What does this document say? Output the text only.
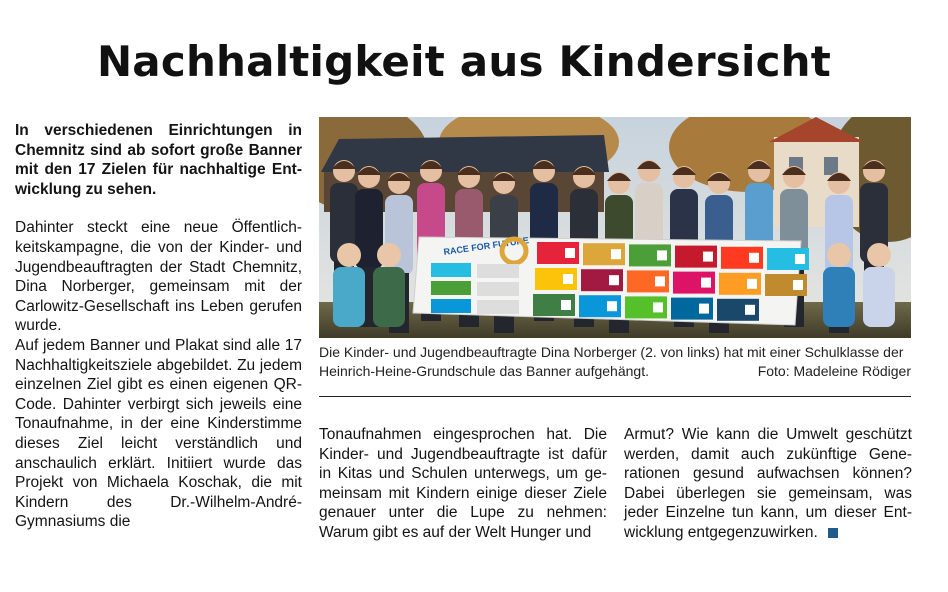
Nachhaltigkeit aus Kindersicht

In verschiedenen Einrichtungen in Chemnitz sind ab sofort große Banner mit den 17 Zielen für nachhaltige Entwicklung zu sehen.

Dahinter steckt eine neue Öffentlichkeitskampagne, die von der Kinder- und Jugendbeauftragten der Stadt Chemnitz, Dina Norberger, gemeinsam mit der Carlowitz-Gesellschaft ins Leben gerufen wurde.

Auf jedem Banner und Plakat sind alle 17 Nachhaltigkeitsziele abgebildet. Zu jedem einzelnen Ziel gibt es einen eigenen QR-Code. Dahinter verbirgt sich jeweils eine Tonaufnahme, in der eine Kinderstimme dieses Ziel leicht verständlich und anschaulich erklärt. Initiiert wurde das Projekt von Michaela Koschak, die mit Kindern des Dr.-Wilhelm-André-Gymnasiums die

RACE FOR FUTURE
Die Kinder- und Jugendbeauftragte Dina Norberger (2. von links) hat mit einer Schulklasse der Heinrich-Heine-Grundschule das Banner aufgehängt.	Foto: Madeleine Rödiger

Tonaufnahmen eingesprochen hat. Die Kinder- und Jugendbeauftragte ist dafür in Kitas und Schulen unterwegs, um gemeinsam mit Kindern einige dieser Ziele genauer unter die Lupe zu nehmen: Warum gibt es auf der Welt Hunger und

Armut? Wie kann die Umwelt geschützt werden, damit auch zukünftige Generationen gesund aufwachsen können? Dabei überlegen sie gemeinsam, was jeder Einzelne tun kann, um dieser Entwicklung entgegenzuwirken.
